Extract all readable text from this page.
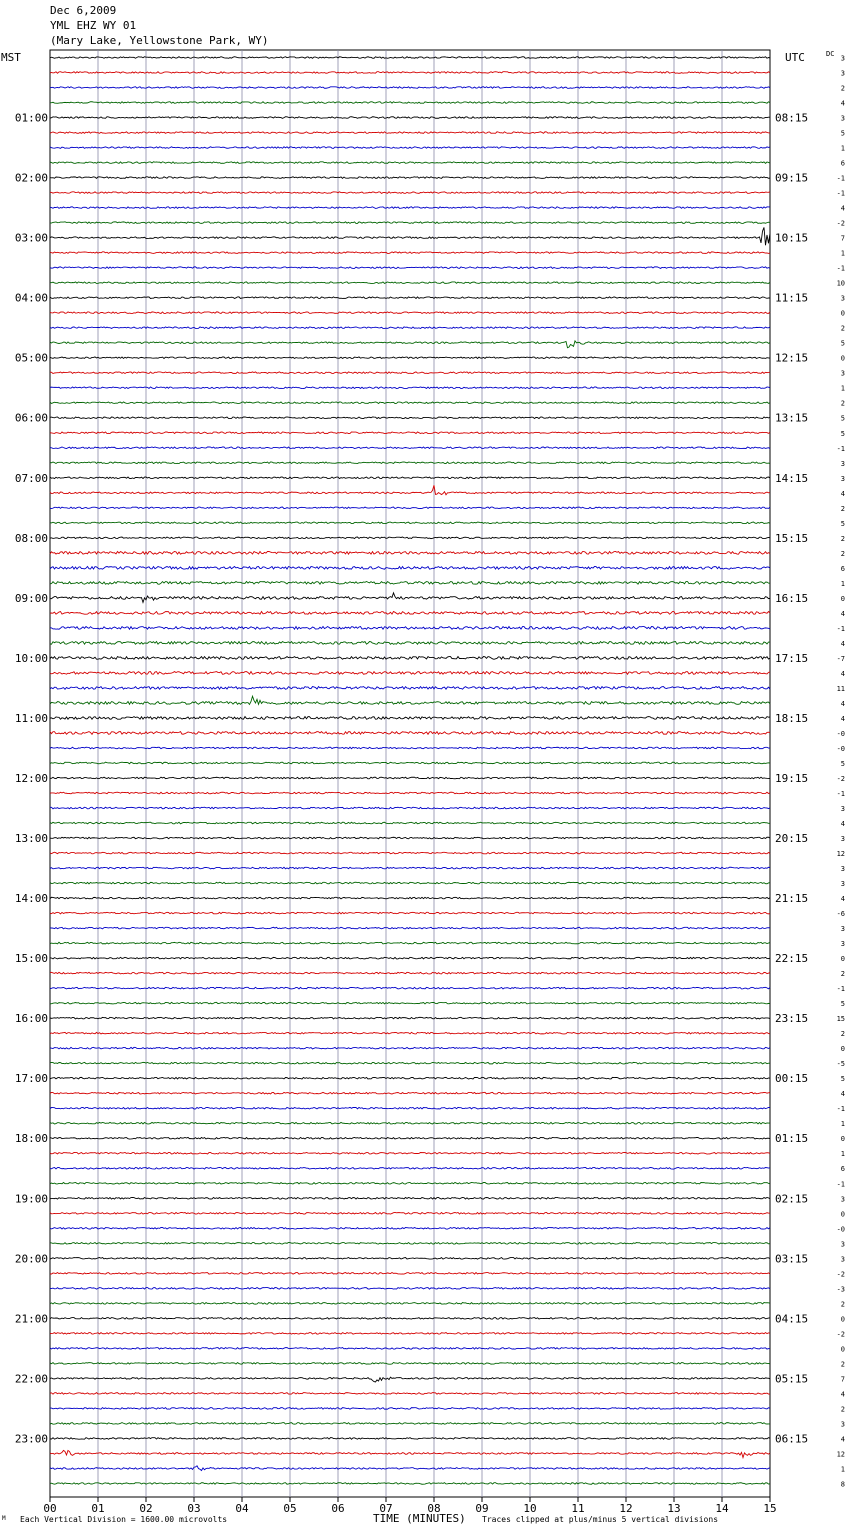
Dec 6,2009
YML EHZ WY 01
(Mary Lake, Yellowstone Park, WY)
MST	UTC	DC
01:00
02:00
03:00
04:00
05:00
06:00
07:00
08:00
09:00
10:00
11:00
12:00
13:00
14:00
15:00
16:00
17:00
18:00
19:00
20:00
21:00
22:00
23:00
08:15
09:15
10:15
11:15
12:15
13:15
14:15
15:15
16:15
17:15
18:15
19:15
20:15
21:15
22:15
23:15
00:15
01:15
02:15
03:15
04:15
05:15
06:15
3
3
2
4
3
5
1
6
-1
-1
4
-2
7
1
-1
10
3
0
2
5
0
3
1
2
5
5
-1
3
3
4
2
5
2
2
6
1
0
4
-1
4
-7
4
11
4
4
-0
-0
5
-2
-1
3
4
3
12
3
3
4
-6
3
3
0
2
-1
5
15
2
0
-5
5
4
-1
1
0
1
6
-1
3
0
-0
3
3
-2
-3
2
0
-2
0
2
7
4
2
3
4
12
1
8
00	01	02	03	04	05	06	07	08	09	10	11	12	13	14	15
M Each Vertical Division = 1600.00 microvolts	TIME (MINUTES) Traces clipped at plus/minus 5 vertical divisions
